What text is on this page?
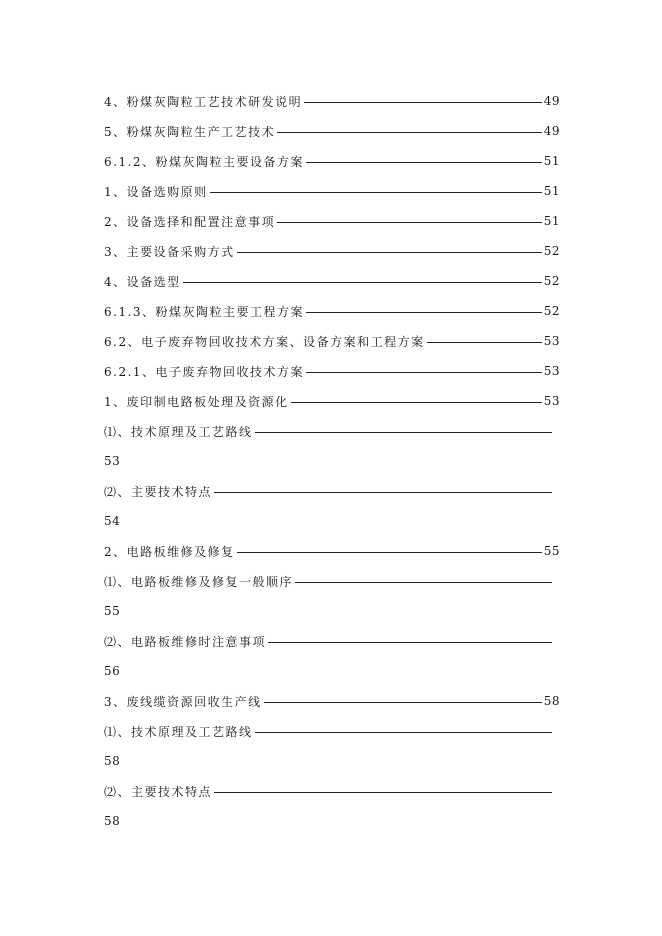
4、粉煤灰陶粒工艺技术研发说明	49
5、粉煤灰陶粒生产工艺技术	49
6.1.2、粉煤灰陶粒主要设备方案	51
1、设备选购原则	51
2、设备选择和配置注意事项	51
3、主要设备采购方式	52
4、设备选型	52
6.1.3、粉煤灰陶粒主要工程方案	52
6.2、电子废弃物回收技术方案、设备方案和工程方案	53
6.2.1、电子废弃物回收技术方案	53
1、废印制电路板处理及资源化	53
⑴、技术原理及工艺路线
53
⑵、主要技术特点
54
2、电路板维修及修复	55
⑴、电路板维修及修复一般顺序
55
⑵、电路板维修时注意事项
56
3、废线缆资源回收生产线	58
⑴、技术原理及工艺路线
58
⑵、主要技术特点
58
